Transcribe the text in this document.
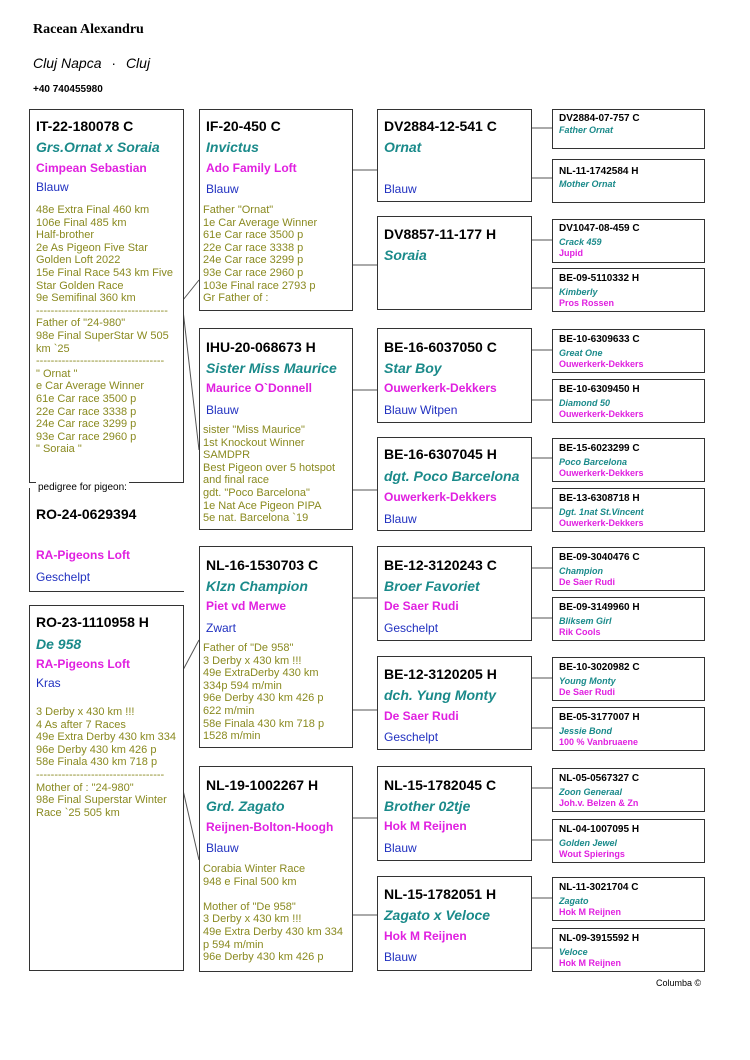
Racean Alexandru
Cluj Napca · Cluj
+40 740455980
IT-22-180078 C
Grs.Ornat x Soraia
Cimpean Sebastian
Blauw
48e Extra Final 460 km
106e Final 485 km
Half-brother
2e As Pigeon Five Star
Golden Loft 2022
15e Final Race 543 km Five
Star Golden Race
9e Semifinal 360 km
------------------------------------
Father of "24-980"
98e Final SuperStar W 505
km `25
-----------------------------------
" Ornat "
e Car Average Winner
61e Car race 3500 p
22e Car race 3338 p
24e Car race 3299 p
93e Car race 2960 p
" Soraia "
pedigree for pigeon:
RO-24-0629394
RA-Pigeons Loft
Geschelpt
RO-23-1110958 H
De 958
RA-Pigeons Loft
Kras
3 Derby x 430 km !!!
4 As after 7 Races
49e Extra Derby 430 km 334
96e Derby 430 km 426 p
58e Finala 430 km 718 p
-----------------------------------
Mother of : "24-980"
98e Final Superstar Winter
Race `25 505 km
IF-20-450 C
Invictus
Ado Family Loft
Blauw
Father "Ornat"
1e Car Average Winner
61e Car race 3500 p
22e Car race 3338 p
24e Car race 3299 p
93e Car race 2960 p
103e Final race 2793 p
Gr Father of :
IHU-20-068673 H
Sister Miss Maurice
Maurice O`Donnell
Blauw
sister "Miss Maurice"
1st Knockout Winner
SAMDPR
Best Pigeon over 5 hotspot
and final race
gdt. "Poco Barcelona"
1e Nat Ace Pigeon PIPA
5e nat. Barcelona `19
NL-16-1530703 C
Klzn Champion
Piet vd Merwe
Zwart
Father of "De 958"
3 Derby x 430 km !!!
49e ExtraDerby 430 km
334p 594 m/min
96e Derby 430 km 426 p
622 m/min
58e Finala 430 km 718 p
1528 m/min
NL-19-1002267 H
Grd. Zagato
Reijnen-Bolton-Hoogh
Blauw
Corabia Winter Race
948 e Final 500 km
Mother of "De 958"
3 Derby x 430 km !!!
49e Extra Derby 430 km 334
p 594 m/min
96e Derby 430 km 426 p
DV2884-12-541 C
Ornat
Blauw
DV8857-11-177 H
Soraia
BE-16-6037050 C
Star Boy
Ouwerkerk-Dekkers
Blauw Witpen
BE-16-6307045 H
dgt. Poco Barcelona
Ouwerkerk-Dekkers
Blauw
BE-12-3120243 C
Broer Favoriet
De Saer Rudi
Geschelpt
BE-12-3120205 H
dch. Yung Monty
De Saer Rudi
Geschelpt
NL-15-1782045 C
Brother 02tje
Hok M Reijnen
Blauw
NL-15-1782051 H
Zagato x Veloce
Hok M Reijnen
Blauw
DV2884-07-757 C
Father Ornat
NL-11-1742584 H
Mother Ornat
DV1047-08-459 C
Crack 459
Jupid
BE-09-5110332 H
Kimberly
Pros Rossen
BE-10-6309633 C
Great One
Ouwerkerk-Dekkers
BE-10-6309450 H
Diamond 50
Ouwerkerk-Dekkers
BE-15-6023299 C
Poco Barcelona
Ouwerkerk-Dekkers
BE-13-6308718 H
Dgt. 1nat St.Vincent
Ouwerkerk-Dekkers
BE-09-3040476 C
Champion
De Saer Rudi
BE-09-3149960 H
Bliksem Girl
Rik Cools
BE-10-3020982 C
Young Monty
De Saer Rudi
BE-05-3177007 H
Jessie Bond
100 % Vanbruaene
NL-05-0567327 C
Zoon Generaal
Joh.v. Belzen & Zn
NL-04-1007095 H
Golden Jewel
Wout Spierings
NL-11-3021704 C
Zagato
Hok M Reijnen
NL-09-3915592 H
Veloce
Hok M Reijnen
Columba ©
